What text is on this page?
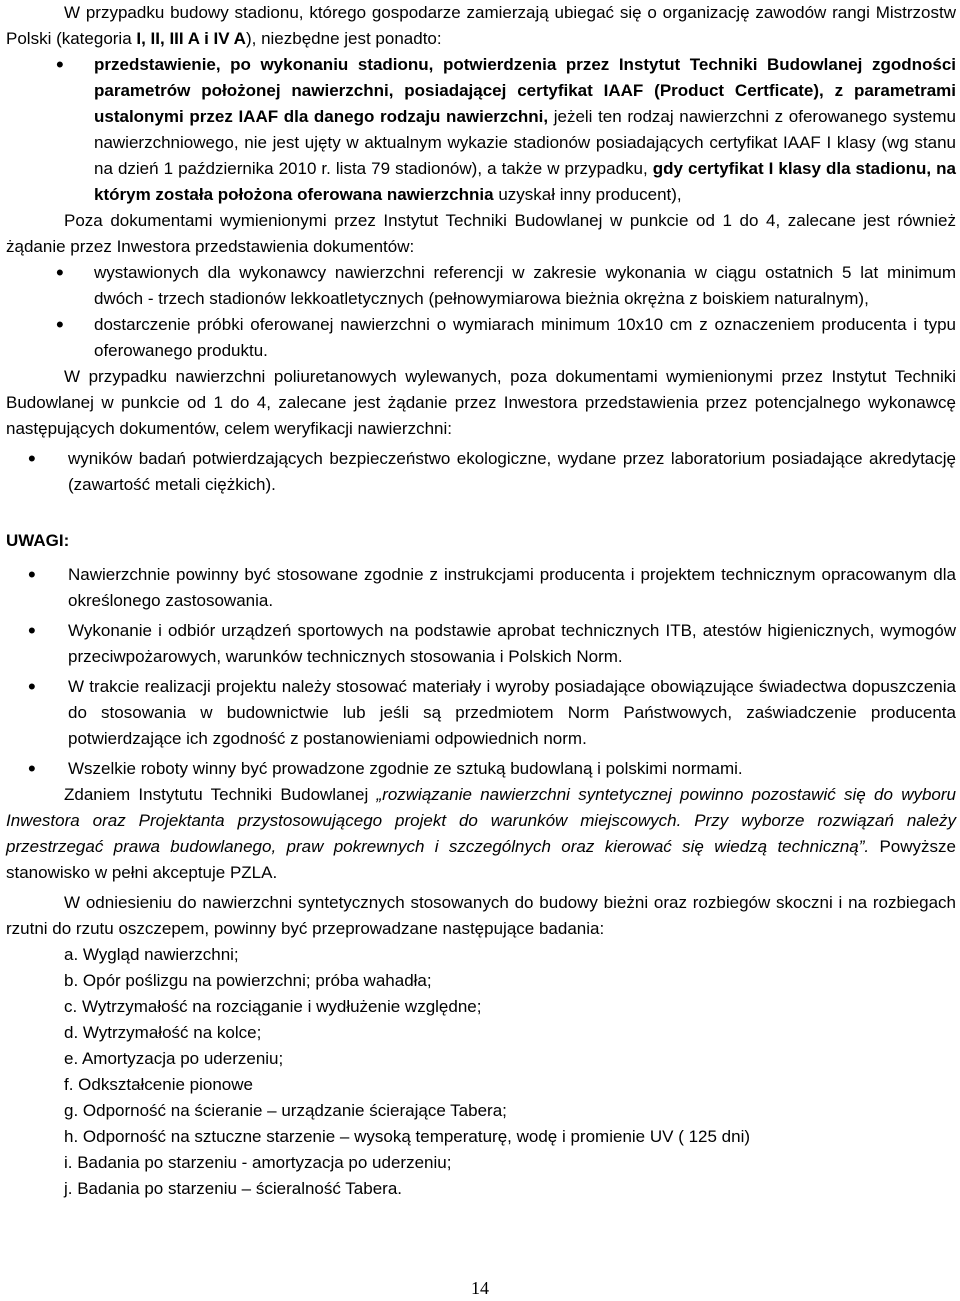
W przypadku budowy stadionu, którego gospodarze zamierzają ubiegać się o organizację zawodów rangi Mistrzostw Polski (kategoria I, II, III A i IV A), niezbędne jest ponadto:

• przedstawienie, po wykonaniu stadionu, potwierdzenia przez Instytut Techniki Budowlanej zgodności parametrów położonej nawierzchni, posiadającej certyfikat IAAF (Product Certficate), z parametrami ustalonymi przez IAAF dla danego rodzaju nawierzchni, jeżeli ten rodzaj nawierzchni z oferowanego systemu nawierzchniowego, nie jest ujęty w aktualnym wykazie stadionów posiadających certyfikat IAAF I klasy (wg stanu na dzień 1 października 2010 r. lista 79 stadionów), a także w przypadku, gdy certyfikat I klasy dla stadionu, na którym została położona oferowana nawierzchnia uzyskał inny producent),

Poza dokumentami wymienionymi przez Instytut Techniki Budowlanej w punkcie od 1 do 4, zalecane jest również żądanie przez Inwestora przedstawienia dokumentów:

• wystawionych dla wykonawcy nawierzchni referencji w zakresie wykonania w ciągu ostatnich 5 lat minimum dwóch - trzech stadionów lekkoatletycznych (pełnowymiarowa bieżnia okrężna z boiskiem naturalnym),
• dostarczenie próbki oferowanej nawierzchni o wymiarach minimum 10x10 cm z oznaczeniem producenta i typu oferowanego produktu.

W przypadku nawierzchni poliuretanowych wylewanych, poza dokumentami wymienionymi przez Instytut Techniki Budowlanej w punkcie od 1 do 4, zalecane jest żądanie przez Inwestora przedstawienia przez potencjalnego wykonawcę następujących dokumentów, celem weryfikacji nawierzchni:

• wyników badań potwierdzających bezpieczeństwo ekologiczne, wydane przez laboratorium posiadające akredytację (zawartość metali ciężkich).

UWAGI:

• Nawierzchnie powinny być stosowane zgodnie z instrukcjami producenta i projektem technicznym opracowanym dla określonego zastosowania.
• Wykonanie i odbiór urządzeń sportowych na podstawie aprobat technicznych ITB, atestów higienicznych, wymogów przeciwpożarowych, warunków technicznych stosowania i Polskich Norm.
• W trakcie realizacji projektu należy stosować materiały i wyroby posiadające obowiązujące świadectwa dopuszczenia do stosowania w budownictwie lub jeśli są przedmiotem Norm Państwowych, zaświadczenie producenta potwierdzające ich zgodność z postanowieniami odpowiednich norm.
• Wszelkie roboty winny być prowadzone zgodnie ze sztuką budowlaną i polskimi normami.

Zdaniem Instytutu Techniki Budowlanej „rozwiązanie nawierzchni syntetycznej powinno pozostawić się do wyboru Inwestora oraz Projektanta przystosowującego projekt do warunków miejscowych. Przy wyborze rozwiązań należy przestrzegać prawa budowlanego, praw pokrewnych i szczególnych oraz kierować się wiedzą techniczną”. Powyższe stanowisko w pełni akceptuje PZLA.

W odniesieniu do nawierzchni syntetycznych stosowanych do budowy bieżni oraz rozbiegów skoczni i na rozbiegach rzutni do rzutu oszczepem, powinny być przeprowadzane następujące badania:

a. Wygląd nawierzchni;
b. Opór poślizgu na powierzchni; próba wahadła;
c. Wytrzymałość na rozciąganie i wydłużenie względne;
d. Wytrzymałość na kolce;
e. Amortyzacja po uderzeniu;
f. Odkształcenie pionowe
g. Odporność na ścieranie – urządzanie ścierające Tabera;
h. Odporność na sztuczne starzenie – wysoką temperaturę, wodę i promienie UV ( 125 dni)
i. Badania po starzeniu - amortyzacja po uderzeniu;
j. Badania po starzeniu – ścieralność Tabera.
14
